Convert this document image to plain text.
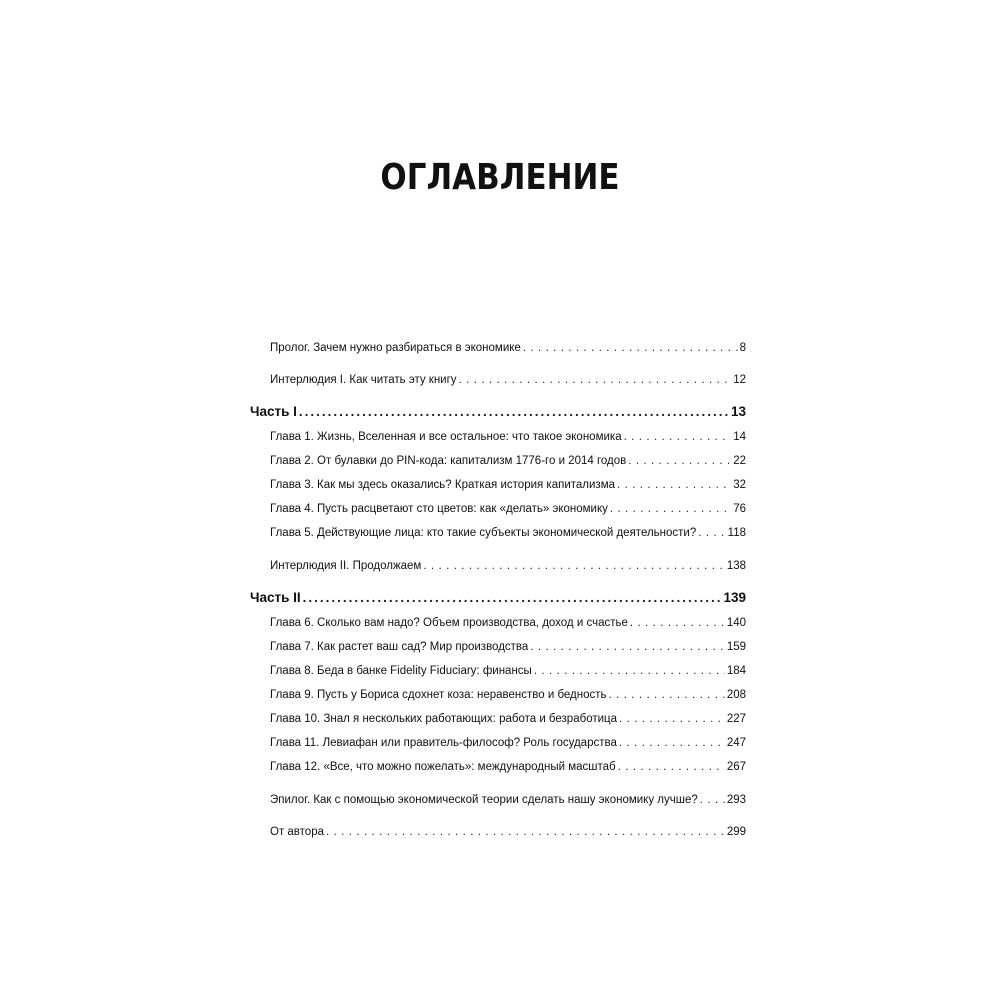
ОГЛАВЛЕНИЕ
Пролог. Зачем нужно разбираться в экономике . . .	8
Интерлюдия I. Как читать эту книгу . . .	12
Часть I .....	13
Глава 1. Жизнь, Вселенная и все остальное: что такое экономика . . .	14
Глава 2. От булавки до PIN-кода: капитализм 1776-го и 2014 годов . . .	22
Глава 3. Как мы здесь оказались? Краткая история капитализма . . .	32
Глава 4. Пусть расцветают сто цветов: как «делать» экономику . . .	76
Глава 5. Действующие лица: кто такие субъекты экономической деятельности? . . .	118
Интерлюдия II. Продолжаем . . .	138
Часть II .....	139
Глава 6. Сколько вам надо? Объем производства, доход и счастье . . .	140
Глава 7. Как растет ваш сад? Мир производства . . .	159
Глава 8. Беда в банке Fidelity Fiduciary: финансы . . .	184
Глава 9. Пусть у Бориса сдохнет коза: неравенство и бедность . . .	208
Глава 10. Знал я нескольких работающих: работа и безработица . . .	227
Глава 11. Левиафан или правитель-философ? Роль государства . . .	247
Глава 12. «Все, что можно пожелать»: международный масштаб . . .	267
Эпилог. Как с помощью экономической теории сделать нашу экономику лучше? . . .	293
От автора . . .	299
